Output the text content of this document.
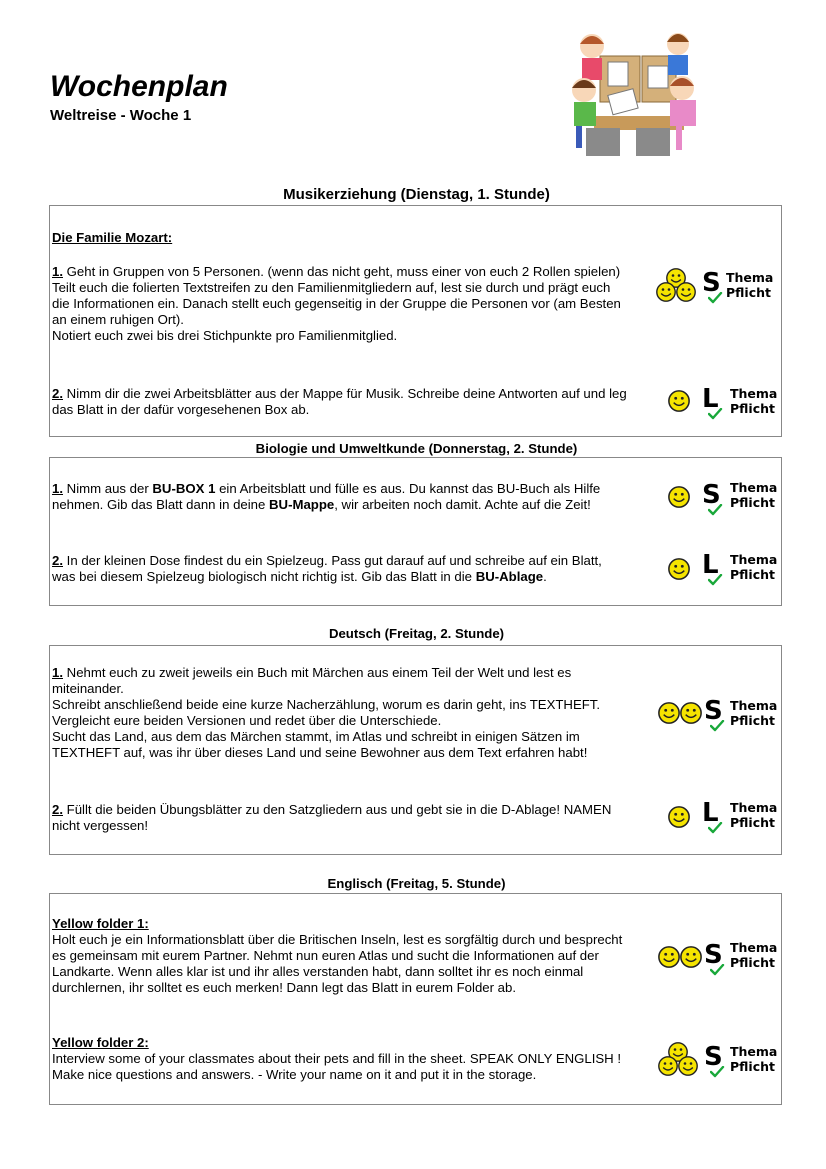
Wochenplan
Weltreise - Woche 1
Musikerziehung (Dienstag, 1. Stunde)
Die Familie Mozart:
1. Geht in Gruppen von 5 Personen. (wenn das nicht geht, muss einer von euch 2 Rollen spielen)
Teilt euch die folierten Textstreifen zu den Familienmitgliedern auf, lest sie durch und prägt euch
die Informationen ein. Danach stellt euch gegenseitig in der Gruppe die Personen vor (am Besten
an einem ruhigen Ort).
Notiert euch zwei bis drei Stichpunkte pro Familienmitglied.
S Thema
Pflicht
2. Nimm dir die zwei Arbeitsblätter aus der Mappe für Musik. Schreibe deine Antworten auf und leg
das Blatt in der dafür vorgesehenen Box ab.	L Thema
Pflicht
Biologie und Umweltkunde (Donnerstag, 2. Stunde)
1. Nimm aus der BU-BOX 1 ein Arbeitsblatt und fülle es aus. Du kannst das BU-Buch als Hilfe
nehmen. Gib das Blatt dann in deine BU-Mappe, wir arbeiten noch damit. Achte auf die Zeit!	S Thema
Pflicht
2. In der kleinen Dose findest du ein Spielzeug. Pass gut darauf auf und schreibe auf ein Blatt,
was bei diesem Spielzeug biologisch nicht richtig ist. Gib das Blatt in die BU-Ablage.	L Thema
Pflicht
Deutsch (Freitag, 2. Stunde)
1. Nehmt euch zu zweit jeweils ein Buch mit Märchen aus einem Teil der Welt und lest es
miteinander.
Schreibt anschließend beide eine kurze Nacherzählung, worum es darin geht, ins TEXTHEFT.
Vergleicht eure beiden Versionen und redet über die Unterschiede.
Sucht das Land, aus dem das Märchen stammt, im Atlas und schreibt in einigen Sätzen im
TEXTHEFT auf, was ihr über dieses Land und seine Bewohner aus dem Text erfahren habt!
S Thema
Pflicht
2. Füllt die beiden Übungsblätter zu den Satzgliedern aus und gebt sie in die D-Ablage! NAMEN
nicht vergessen!	L Thema
Pflicht
Englisch (Freitag, 5. Stunde)
Yellow folder 1:
Holt euch je ein Informationsblatt über die Britischen Inseln, lest es sorgfältig durch und besprecht
es gemeinsam mit eurem Partner. Nehmt nun euren Atlas und sucht die Informationen auf der
Landkarte. Wenn alles klar ist und ihr alles verstanden habt, dann solltet ihr es noch einmal
durchlernen, ihr solltet es euch merken! Dann legt das Blatt in eurem Folder ab.
S Thema
Pflicht
Yellow folder 2:
Interview some of your classmates about their pets and fill in the sheet. SPEAK ONLY ENGLISH !
Make nice questions and answers. - Write your name on it and put it in the storage.
S Thema
Pflicht
